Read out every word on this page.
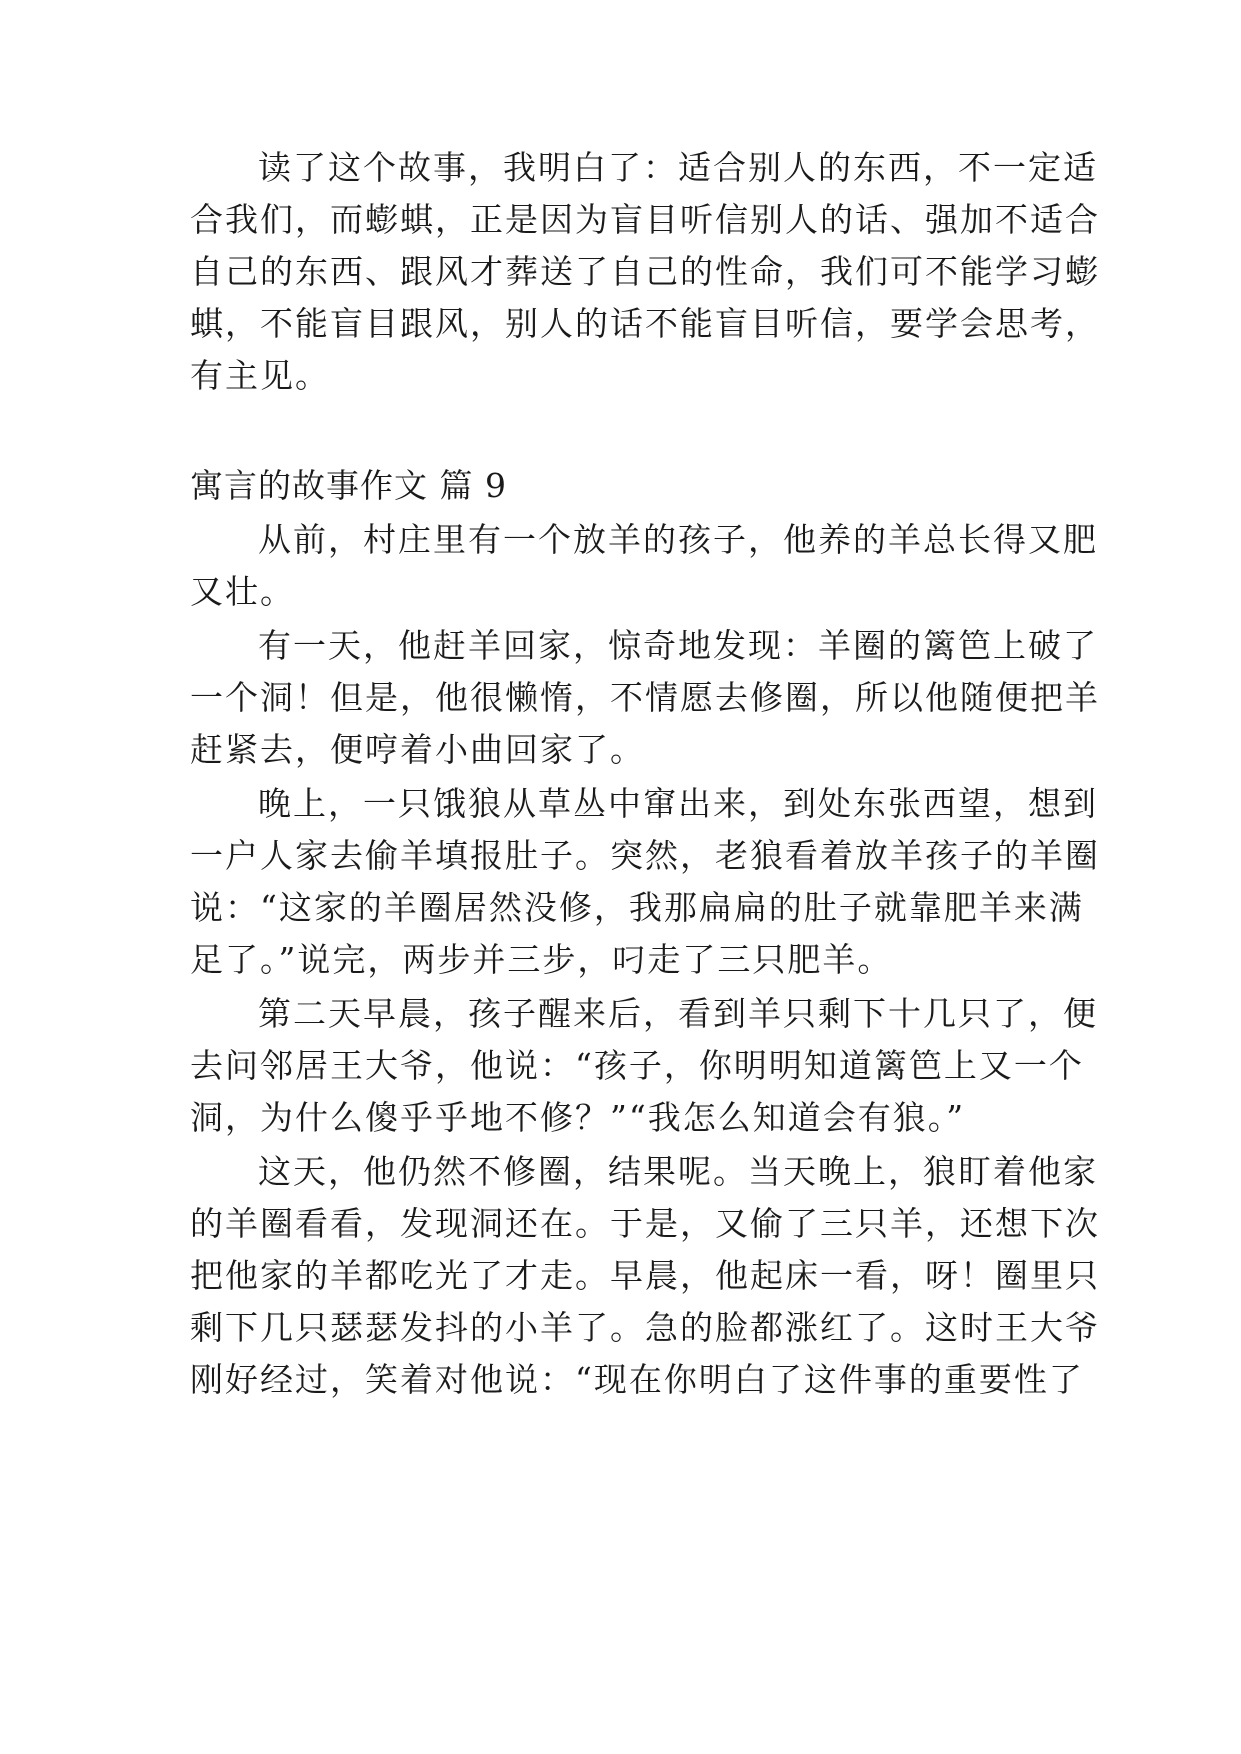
读了这个故事，我明白了：适合别人的东西，不一定适
合我们，而蟛蜞，正是因为盲目听信别人的话、强加不适合
自己的东西、跟风才葬送了自己的性命，我们可不能学习蟛
蜞，不能盲目跟风，别人的话不能盲目听信，要学会思考，
有主见。
寓言的故事作文 篇 9
从前，村庄里有一个放羊的孩子，他养的羊总长得又肥
又壮。
有一天，他赶羊回家，惊奇地发现：羊圈的篱笆上破了
一个洞！但是，他很懒惰，不情愿去修圈，所以他随便把羊
赶紧去，便哼着小曲回家了。
晚上，一只饿狼从草丛中窜出来，到处东张西望，想到
一户人家去偷羊填报肚子。突然，老狼看着放羊孩子的羊圈
说：“这家的羊圈居然没修，我那扁扁的肚子就靠肥羊来满
足了。”说完，两步并三步，叼走了三只肥羊。
第二天早晨，孩子醒来后，看到羊只剩下十几只了，便
去问邻居王大爷，他说：“孩子，你明明知道篱笆上又一个
洞，为什么傻乎乎地不修？”“我怎么知道会有狼。”
这天，他仍然不修圈，结果呢。当天晚上，狼盯着他家
的羊圈看看，发现洞还在。于是，又偷了三只羊，还想下次
把他家的羊都吃光了才走。早晨，他起床一看，呀！圈里只
剩下几只瑟瑟发抖的小羊了。急的脸都涨红了。这时王大爷
刚好经过，笑着对他说：“现在你明白了这件事的重要性了
